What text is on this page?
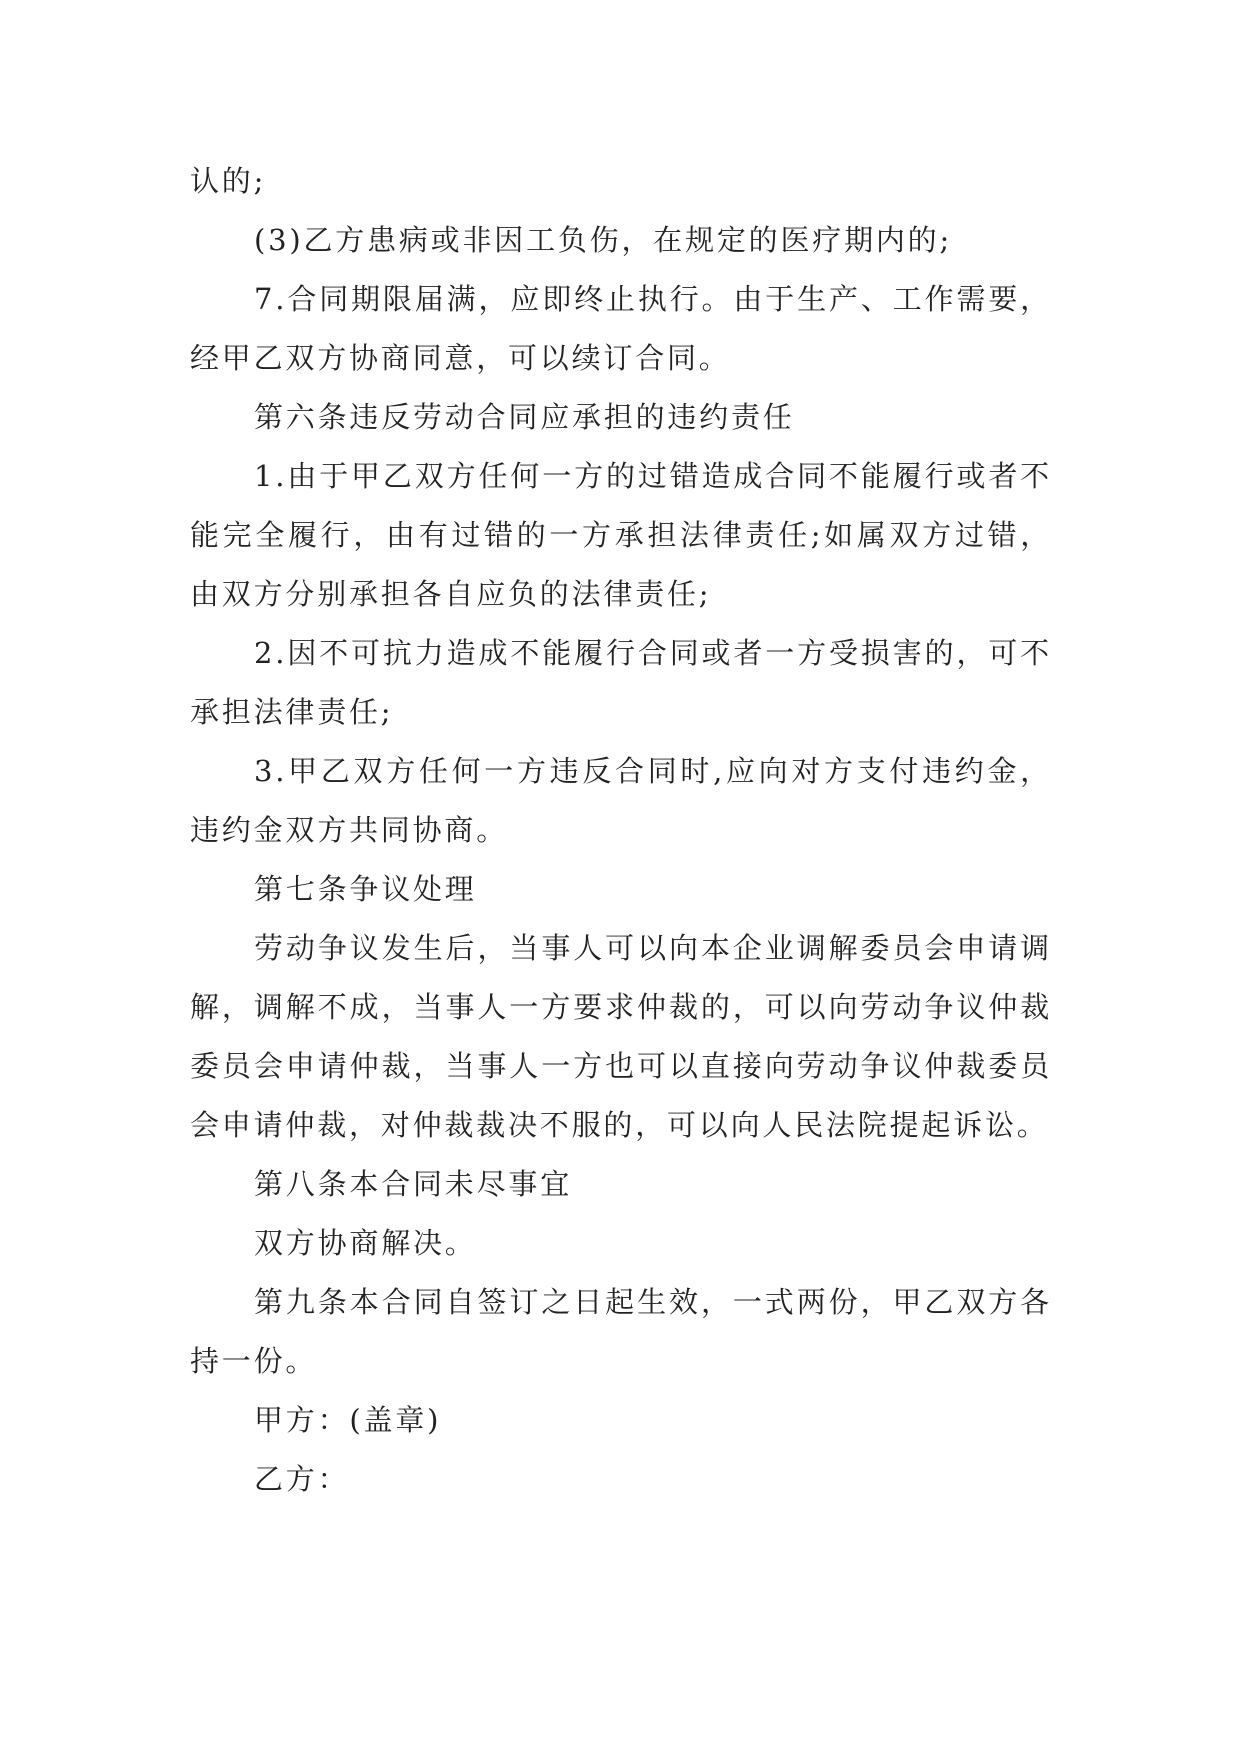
认的;

(3)乙方患病或非因工负伤，在规定的医疗期内的;

7.合同期限届满，应即终止执行。由于生产、工作需要，经甲乙双方协商同意，可以续订合同。

第六条违反劳动合同应承担的违约责任

1.由于甲乙双方任何一方的过错造成合同不能履行或者不能完全履行，由有过错的一方承担法律责任;如属双方过错，由双方分别承担各自应负的法律责任;

2.因不可抗力造成不能履行合同或者一方受损害的，可不承担法律责任;

3.甲乙双方任何一方违反合同时,应向对方支付违约金，违约金双方共同协商。

第七条争议处理

劳动争议发生后，当事人可以向本企业调解委员会申请调解，调解不成，当事人一方要求仲裁的，可以向劳动争议仲裁委员会申请仲裁，当事人一方也可以直接向劳动争议仲裁委员会申请仲裁，对仲裁裁决不服的，可以向人民法院提起诉讼。

第八条本合同未尽事宜

双方协商解决。

第九条本合同自签订之日起生效，一式两份，甲乙双方各持一份。

甲方：(盖章)

乙方：
